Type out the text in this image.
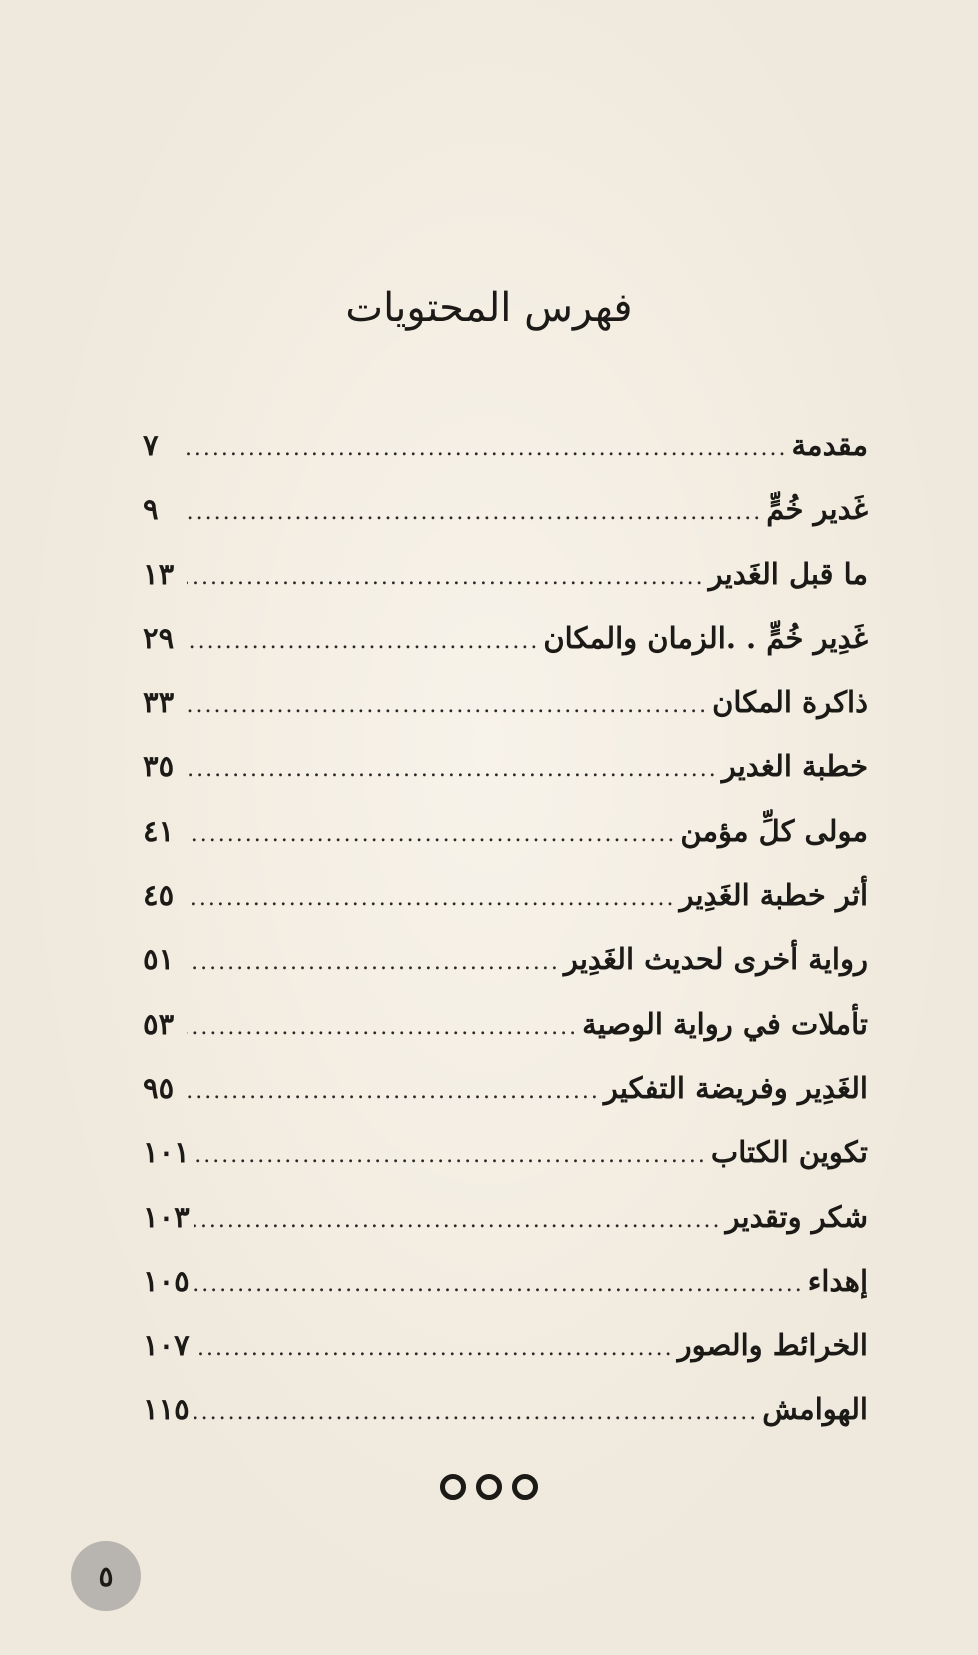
فهرس المحتويات
مقدمة
.....
٧
غَدير خُمٍّ
.....
٩
ما قبل الغَدير
.....
١٣
غَدِير خُمٍّ . .الزمان والمكان
.....
٢٩
ذاكرة المكان
.....
٣٣
خطبة الغدير
.....
٣٥
مولى كلِّ مؤمن
.....
٤١
أثر خطبة الغَدِير
.....
٤٥
رواية أخرى لحديث الغَدِير
.....
٥١
تأملات في رواية الوصية
.....
٥٣
الغَدِير وفريضة التفكير
.....
٩٥
تكوين الكتاب
.....
١٠١
شكر وتقدير
.....
١٠٣
إهداء
.....
١٠٥
الخرائط والصور
.....
١٠٧
الهوامش
.....
١١٥
٥
